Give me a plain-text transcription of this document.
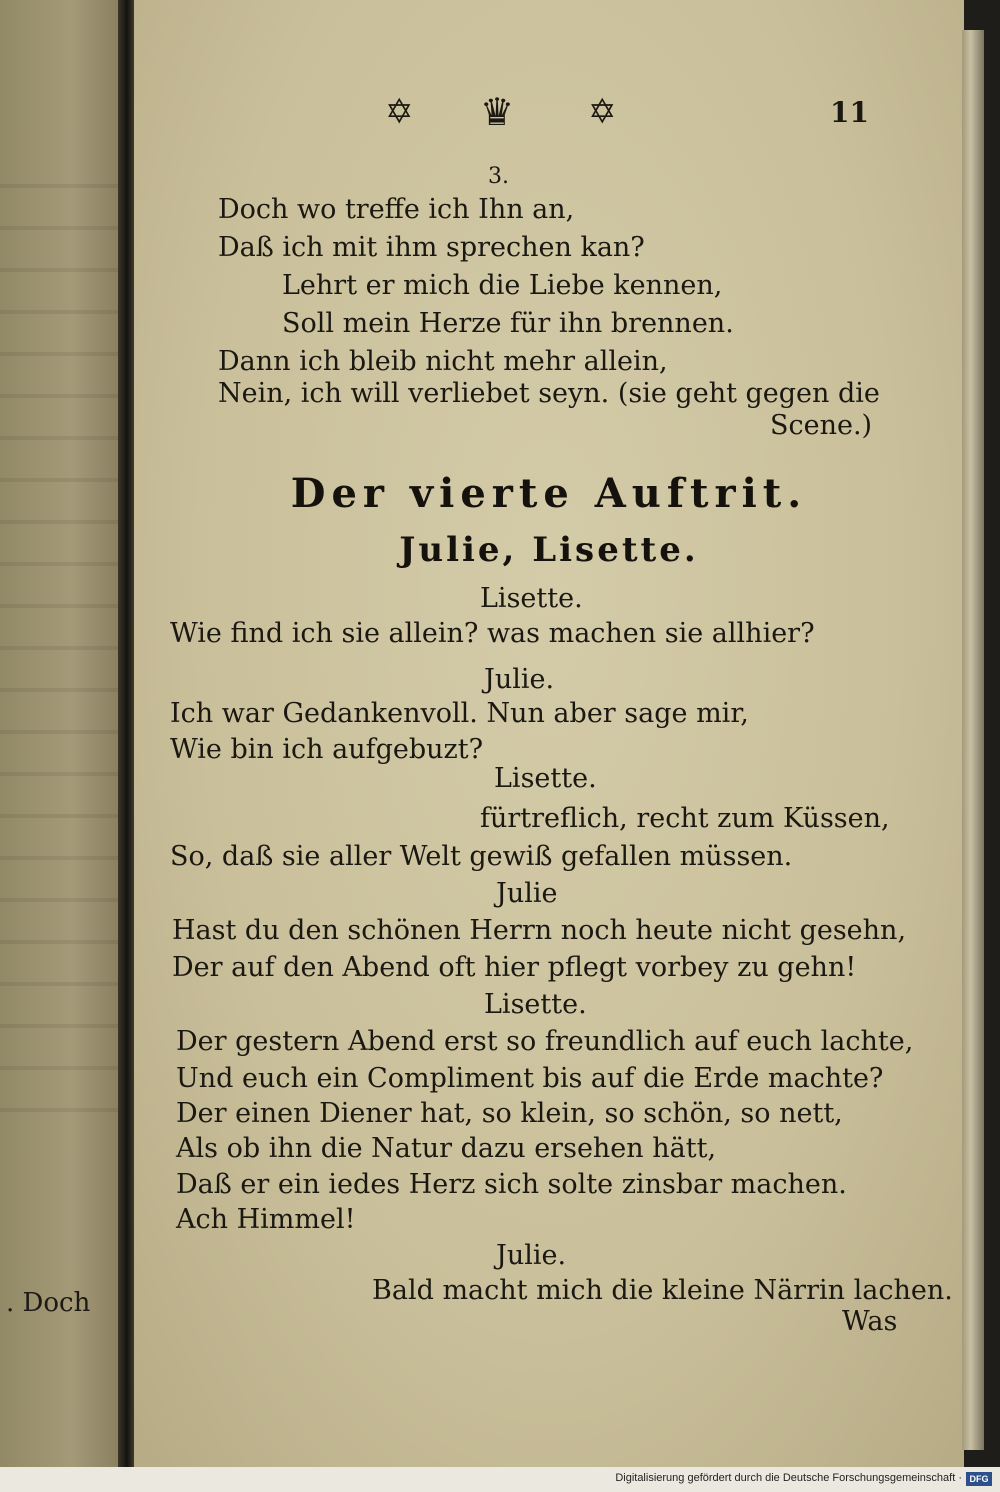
. Doch
✡ ♛ ✡	11
3.
Doch wo treffe ich Ihn an,
Daß ich mit ihm sprechen kan?
Lehrt er mich die Liebe kennen,
Soll mein Herze für ihn brennen.
Dann ich bleib nicht mehr allein,
Nein, ich will verliebet seyn. (sie geht gegen die
Scene.)
Der vierte Auftrit.
Julie, Lisette.
Lisette.
Wie find ich sie allein? was machen sie allhier?
Julie.
Ich war Gedankenvoll. Nun aber sage mir,
Wie bin ich aufgebuzt?
Lisette.
fürtreflich, recht zum Küssen,
So, daß sie aller Welt gewiß gefallen müssen.
Julie
Hast du den schönen Herrn noch heute nicht gesehn,
Der auf den Abend oft hier pflegt vorbey zu gehn!
Lisette.
Der gestern Abend erst so freundlich auf euch lachte,
Und euch ein Compliment bis auf die Erde machte?
Der einen Diener hat, so klein, so schön, so nett,
Als ob ihn die Natur dazu ersehen hätt,
Daß er ein iedes Herz sich solte zinsbar machen.
Ach Himmel!
Julie.
Bald macht mich die kleine Närrin lachen.
Was
Digitalisierung gefördert durch die Deutsche Forschungsgemeinschaft · DFG
